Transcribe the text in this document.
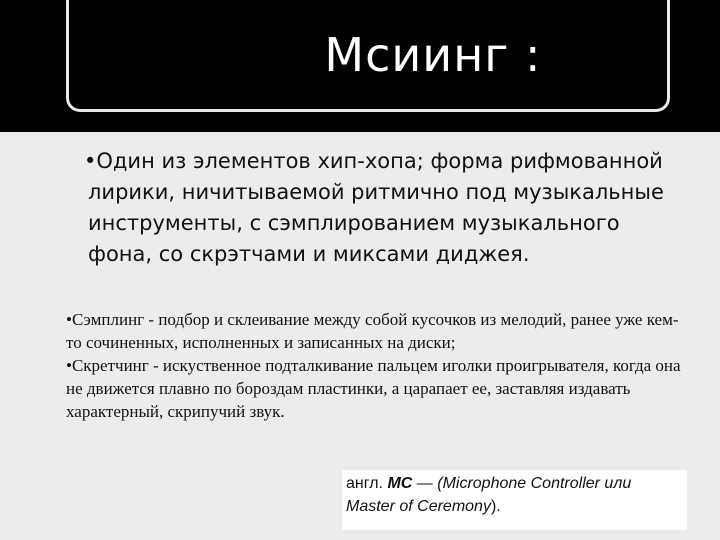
Мсиинг :
•Один из элементов хип-хопа; форма рифмованной лирики, ничитываемой ритмично под музыкальные инструменты, с сэмплированием музыкального фона, со скрэтчами и миксами диджея.

•Сэмплинг - подбор и склеивание между собой кусочков из мелодий, ранее уже кем-то сочиненных, исполненных и записанных на диски;

•Скретчинг - искуственное подталкивание пальцем иголки проигрывателя, когда она не движется плавно по бороздам пластинки, а царапает ее, заставляя издавать характерный, скрипучий звук.

англ. MC — (Microphone Controller или Master of Ceremony).
